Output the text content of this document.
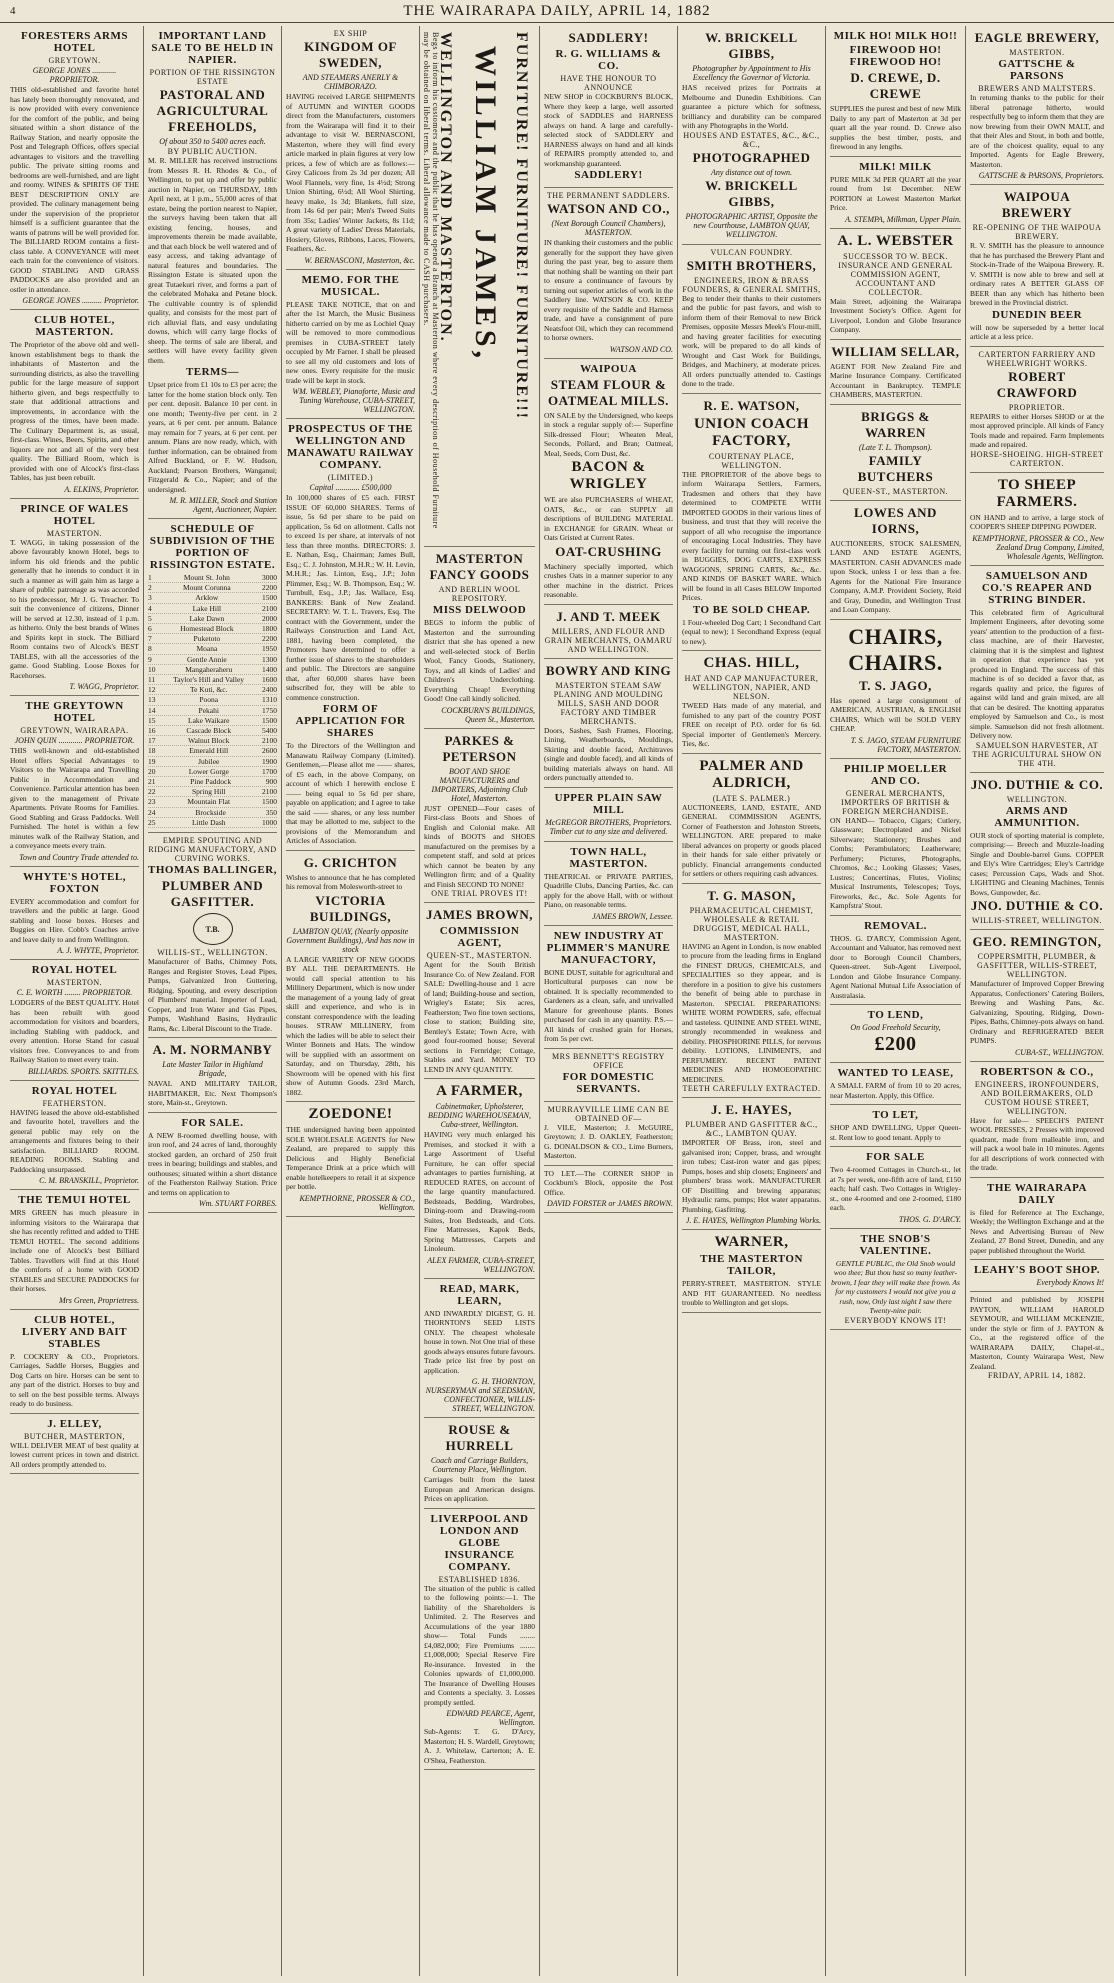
4	THE WAIRARAPA DAILY, APRIL 14, 1882
FORESTERS ARMS HOTEL
GREYTOWN.
GEORGE JONES ............ PROPRIETOR.

THIS old-established and favorite hotel has lately been thoroughly renovated, and is now provided with every convenience for the comfort of the public, and being situated within a short distance of the Railway Station, and nearly opposite the Post and Telegraph Offices, offers special advantages to visitors and the travelling public. The private sitting rooms and bedrooms are well-furnished, and are light and roomy. WINES & SPIRITS OF THE BEST DESCRIPTION ONLY are provided. The culinary management being under the supervision of the proprietor himself is a sufficient guarantee that the wants of patrons will be well provided for. The BILLIARD ROOM contains a first-class table. A CONVEYANCE will meet each train for the convenience of visitors. GOOD STABLING AND GRASS PADDOCKS are also provided and an ostler in attendance.

GEORGE JONES .......... Proprietor.
CLUB HOTEL, MASTERTON.

The Proprietor of the above old and well-known establishment begs to thank the inhabitants of Masterton and the surrounding districts, as also the travelling public for the large measure of support hitherto given, and begs respectfully to state that additional attractions and improvements, in accordance with the progress of the times, have been made. The Culinary Department is, as usual, first-class. Wines, Beers, Spirits, and other liquors are not and all of the very best quality. The Billiard Room, which is provided with one of Alcock's first-class Tables, has just been rebuilt.

A. ELKINS, Proprietor.
PRINCE OF WALES HOTEL
MASTERTON.

T. WAGG, in taking possession of the above favourably known Hotel, begs to inform his old friends and the public generally that he intends to conduct it in such a manner as will gain him as large a share of public patronage as was accorded to his predecessor, Mr J. G. Treacher. To suit the convenience of citizens, Dinner will be served at 12.30, instead of 1 p.m. as hitherto. Only the best brands of Wines and Spirits kept in stock. The Billiard Room contains two of Alcock's BEST TABLES, with all the accessories of the game. Good Stabling. Loose Boxes for Racehorses.

T. WAGG, Proprietor.
THE GREYTOWN HOTEL
GREYTOWN, WAIRARAPA.
JOHN QUIN ............ PROPRIETOR.

THIS well-known and old-established Hotel offers Special Advantages to Visitors to the Wairarapa and Travelling Public in Accommodation and Convenience. Particular attention has been given to the management of Private Apartments. Private Rooms for Families. Good Stabling and Grass Paddocks. Well Furnished. The hotel is within a few minutes walk of the Railway Station, and a conveyance meets every train.

Town and Country Trade attended to.
WHYTE'S HOTEL, FOXTON

EVERY accommodation and comfort for travellers and the public at large. Good stabling and loose boxes. Horses and Buggies on Hire. Cobb's Coaches arrive and leave daily to and from Wellington.

A. J. WHYTE, Proprietor.
ROYAL HOTEL
MASTERTON.
C. E. WORTH ........ PROPRIETOR.

LODGERS of the BEST QUALITY. Hotel has been rebuilt with good accommodation for visitors and boarders, including Stabling with paddock, and every attention. Horse Stand for casual visitors free. Conveyances to and from Railway Station to meet every train.

BILLIARDS. SPORTS. SKITTLES.
ROYAL HOTEL
FEATHERSTON.

HAVING leased the above old-established and favourite hotel, travellers and the general public may rely on the arrangements and fixtures being to their satisfaction. BILLIARD ROOM. READING ROOMS. Stabling and Paddocking unsurpassed.

C. M. BRANSKILL, Proprietor.
THE TEMUI HOTEL

MRS GREEN has much pleasure in informing visitors to the Wairarapa that she has recently refitted and added to THE TEMUI HOTEL. The second additions include one of Alcock's best Billiard Tables. Travellers will find at this Hotel the comforts of a home with GOOD STABLES and SECURE PADDOCKS for their horses.

Mrs Green, Proprietress.
CLUB HOTEL, LIVERY AND BAIT STABLES

P. COCKERY & CO., Proprietors. Carriages, Saddle Horses, Buggies and Dog Carts on hire. Horses can be sent to any part of the district. Horses to buy and to sell on the best possible terms. Always ready to do business.

J. ELLEY,
BUTCHER, MASTERTON,

WILL DELIVER MEAT of best quality at lowest current prices in town and district. All orders promptly attended to.

IMPORTANT LAND SALE TO BE HELD IN NAPIER.
PORTION OF THE RISSINGTON ESTATE
PASTORAL AND AGRICULTURAL FREEHOLDS,
Of about 350 to 5400 acres each.
BY PUBLIC AUCTION.

M. R. MILLER has received instructions from Messrs R. H. Rhodes & Co., of Wellington, to put up and offer by public auction in Napier, on THURSDAY, 18th April next, at 1 p.m., 55,000 acres of that estate, being the portion nearest to Napier, the surveys having been taken that all existing fencing, houses, and improvements therein be made available, and that each block be well watered and of easy access, and taking advantage of natural features and boundaries. The Rissington Estate is situated upon the great Tutaekuri river, and forms a part of the celebrated Mohaka and Petane block. The cultivable country is of splendid quality, and consists for the most part of rich alluvial flats, and easy undulating downs, which will carry large flocks of sheep. The terms of sale are liberal, and settlers will have every facility given them.

TERMS—

Upset price from £1 10s to £3 per acre; the latter for the home station block only. Ten per cent. deposit. Balance 10 per cent. in one month; Twenty-five per cent. in 2 years, at 6 per cent. per annum. Balance may remain for 7 years, at 6 per cent. per annum. Plans are now ready, which, with further information, can be obtained from Alfred Buckland, or F. W. Hudson, Auckland; Pearson Brothers, Wanganui; Fitzgerald & Co., Napier; and of the undersigned.

M. R. MILLER, Stock and Station Agent, Auctioneer, Napier.
SCHEDULE OF SUBDIVISION OF THE PORTION OF RISSINGTON ESTATE.
1	Mount St. John	3000
2	Mount Corunna	2200
3	Arklow	1500
4	Lake Hill	2100
5	Lake Dawn	2000
6	Homestead Block	1800
7	Puketoto	2200
8	Moana	1950
9	Gentle Annie	1300
10	Mangaheraheru	1400
11 Taylor's Hill and Valley 1600
12	Te Kuti, &c.	2400
13	Poona	1310
14	Pekahi	1750
15	Lake Waikare	1500
16	Cascade Block	5400
17	Walnut Block	2100
18	Emerald Hill	2600
19	Jubilee	1900
20	Lower Gorge	1700
21	Pine Paddock	900
22	Spring Hill	2100
23	Mountain Flat	1500
24	Brockside	350
25	Little Dash	1000
EMPIRE SPOUTING AND RIDGING MANUFACTORY, AND CURVING WORKS.
THOMAS BALLINGER,
PLUMBER AND GASFITTER.
T.B.
WILLIS-ST., WELLINGTON.

Manufacturer of Baths, Chimney Pots, Ranges and Register Stoves, Lead Pipes, Pumps, Galvanized Iron Guttering, Ridging, Spouting, and every description of Plumbers' material. Importer of Lead, Copper, and Iron Water and Gas Pipes, Pumps, Washhand Basins, Hydraulic Rams, &c. Liberal Discount to the Trade.

A. M. NORMANBY
Late Master Tailor in Highland Brigade,

NAVAL AND MILITARY TAILOR, HABITMAKER, Etc. Next Thompson's store, Main-st., Greytown.

FOR SALE.

A NEW 8-roomed dwelling house, with iron roof, and 24 acres of land, thoroughly stocked garden, an orchard of 250 fruit trees in bearing; buildings and stables, and outhouses; situated within a short distance of the Featherston Railway Station. Price and terms on application to

Wm. STUART FORBES.
EX SHIP
KINGDOM OF SWEDEN,
AND STEAMERS ANERLY & CHIMBORAZO.

HAVING received LARGE SHIPMENTS of AUTUMN and WINTER GOODS direct from the Manufacturers, customers from the Wairarapa will find it to their advantage to visit W. BERNASCONI, Masterton, where they will find every article marked in plain figures at very low prices, a few of which are as follows:— Grey Calicoes from 2s 3d per dozen; All Wool Flannels, very fine, 1s 4½d; Strong Union Shirting, 6½d; All Wool Shirting, heavy make, 1s 3d; Blankets, full size, from 14s 6d per pair; Men's Tweed Suits from 35s; Ladies' Winter Jackets, 8s 11d; A great variety of Ladies' Dress Materials, Hosiery, Gloves, Ribbons, Laces, Flowers, Feathers, &c.

W. BERNASCONI, Masterton, &c.
MEMO. FOR THE MUSICAL.

PLEASE TAKE NOTICE, that on and after the 1st March, the Music Business hitherto carried on by me as Lochiel Quay will be removed to more commodious premises in CUBA-STREET lately occupied by Mr Farner. I shall be pleased to see all my old customers and lots of new ones. Every requisite for the music trade will be kept in stock.

WM. WEBLEY, Pianoforte, Music and Tuning Warehouse, CUBA-STREET, WELLINGTON.
PROSPECTUS OF THE WELLINGTON AND MANAWATU RAILWAY COMPANY.
(LIMITED.)
Capital ............ £500,000

In 100,000 shares of £5 each. FIRST ISSUE OF 60,000 SHARES. Terms of issue, 5s 6d per share to be paid on application, 5s 6d on allotment. Calls not to exceed 1s per share, at intervals of not less than three months. DIRECTORS: J. E. Nathan, Esq., Chairman; James Bull, Esq.; C. J. Johnston, M.H.R.; W. H. Levin, M.H.R.; Jas. Linton, Esq., J.P.; John Plimmer, Esq.; W. B. Thompson, Esq.; W. Turnbull, Esq., J.P.; Jas. Wallace, Esq. BANKERS: Bank of New Zealand. SECRETARY: W. T. L. Travers, Esq. The contract with the Government, under the Railways Construction and Land Act, 1881, having been completed, the Promoters have determined to offer a further issue of shares to the shareholders and public. The Directors are sanguine that, after 60,000 shares have been subscribed for, they will be able to commence construction.

FORM OF APPLICATION FOR SHARES

To the Directors of the Wellington and Manawatu Railway Company (Limited). Gentlemen,—Please allot me —— shares, of £5 each, in the above Company, on account of which I herewith enclose £—— being equal to 5s 6d per share, payable on application; and I agree to take the said —— shares, or any less number that may be allotted to me, subject to the provisions of the Memorandum and Articles of Association.

G. CRICHTON

Wishes to announce that he has completed his removal from Molesworth-street to

VICTORIA BUILDINGS,
LAMBTON QUAY, (Nearly opposite Government Buildings), And has now in stock

A LARGE VARIETY OF NEW GOODS BY ALL THE DEPARTMENTS. He would call special attention to his Millinery Department, which is now under the management of a young lady of great skill and experience, and who is in constant correspondence with the leading houses. STRAW MILLINERY, from which the ladies will be able to select their Winter Bonnets and Hats. The window will be supplied with an assortment on Saturday, and on Thursday, 28th, his Showroom will be opened with his first show of Autumn Goods. 23rd March, 1882.

ZOEDONE!

THE undersigned having been appointed SOLE WHOLESALE AGENTS for New Zealand, are prepared to supply this Delicious and Highly Beneficial Temperance Drink at a price which will enable hotelkeepers to retail it at sixpence per bottle.

KEMPTHORNE, PROSSER & CO., Wellington.
WELLINGTON AND MASTERTON. WILLIAM JAMES, FURNITURE! FURNITURE! FURNITURE!!!
Begs to inform his customers and the public that he has opened a Branch at Masterton where every description of Household Furniture may be obtained on liberal terms. Liberal allowance made to CASH purchasers.
MASTERTON FANCY GOODS
AND BERLIN WOOL REPOSITORY.
MISS DELWOOD

BEGS to inform the public of Masterton and the surrounding district that she has opened a new and well-selected stock of Berlin Wool, Fancy Goods, Stationery, Toys, and all kinds of Ladies' and Children's Underclothing. Everything Cheap! Everything Good! One call kindly solicited.

COCKBURN'S BUILDINGS, Queen St., Masterton.
PARKES & PETERSON
BOOT AND SHOE MANUFACTURERS and IMPORTERS, Adjoining Club Hotel, Masterton.

JUST OPENED—Four cases of First-class Boots and Shoes of English and Colonial make. All kinds of BOOTS and SHOES manufactured on the premises by a competent staff, and sold at prices which cannot be beaten by any Wellington firm; and of a Quality and Finish SECOND TO NONE!

ONE TRIAL PROVES IT!
JAMES BROWN,
COMMISSION AGENT,
QUEEN-ST., MASTERTON.

Agent for the South British Insurance Co. of New Zealand. FOR SALE: Dwelling-house and 1 acre of land; Building-house and section, Wrigley's Estate; Six acres, Featherston; Two fine town sections, close to station; Building site, Bentley's Estate; Town Acre, with good four-roomed house; Several sections in Fernridge; Cottage, Stables and Yard. MONEY TO LEND IN ANY QUANTITY.

A FARMER,
Cabinetmaker, Upholsterer, BEDDING WAREHOUSEMAN, Cuba-street, Wellington.

HAVING very much enlarged his Premises, and stocked it with a Large Assortment of Useful Furniture, he can offer special advantages to parties furnishing, at REDUCED RATES, on account of the large quantity manufactured. Bedsteads, Bedding, Wardrobes, Dining-room and Drawing-room Suites, Iron Bedsteads, and Cots. Fine Mattresses, Kapok Beds, Spring Mattresses, Carpets and Linoleum.

ALEX FARMER, CUBA-STREET, WELLINGTON.
READ, MARK, LEARN,

AND INWARDLY DIGEST, G. H. THORNTON'S SEED LISTS ONLY. The cheapest wholesale house in town. Not One trial of these goods always ensures future favours. Trade price list free by post on application.

G. H. THORNTON, NURSERYMAN and SEEDSMAN, CONFECTIONER, WILLIS-STREET, WELLINGTON.
ROUSE & HURRELL
Coach and Carriage Builders, Courtenay Place, Wellington.

Carriages built from the latest European and American designs. Prices on application.

LIVERPOOL AND LONDON AND GLOBE INSURANCE COMPANY.
ESTABLISHED 1836.

The situation of the public is called to the following points:—1. The liability of the Shareholders is Unlimited. 2. The Reserves and Accumulations of the year 1880 show— Total Funds ........ £4,082,000; Fire Premiums ........ £1,008,000; Special Reserve Fire Re-insurance. Invested in the Colonies upwards of £1,000,000. The Insurance of Dwelling Houses and Contents a specialty. 3. Losses promptly settled.

EDWARD PEARCE, Agent, Wellington.

Sub-Agents: T. G. D'Arcy, Masterton; H. S. Wardell, Greytown; A. J. Whitelaw, Carterton; A. E. O'Shea, Featherston.

SADDLERY!
R. G. WILLIAMS & CO.
HAVE THE HONOUR TO ANNOUNCE

NEW SHOP in COCKBURN'S BLOCK, Where they keep a large, well assorted stock of SADDLES and HARNESS always on hand. A large and carefully-selected stock of SADDLERY and HARNESS always on hand and all kinds of REPAIRS promptly attended to, and workmanship guaranteed.

SADDLERY!
THE PERMANENT SADDLERS.
WATSON AND CO.,
(Next Borough Council Chambers), MASTERTON.

IN thanking their customers and the public generally for the support they have given during the past year, beg to assure them that nothing shall be wanting on their part to ensure a continuance of favours by turning out superior articles of work in the Saddlery line. WATSON & CO. KEEP every requisite of the Saddle and Harness trade, and have a consignment of pure Neatsfoot Oil, which they can recommend to horse owners.

WATSON AND CO.
WAIPOUA
STEAM FLOUR & OATMEAL MILLS.

ON SALE by the Undersigned, who keeps in stock a regular supply of:— Superfine Silk-dressed Flour; Wheaten Meal, Seconds, Pollard, and Bran; Oatmeal, Meal, Seeds, Corn Dust, &c.

BACON & WRIGLEY

WE are also PURCHASERS of WHEAT, OATS, &c., or can SUPPLY all descriptions of BUILDING MATERIAL in EXCHANGE for GRAIN. Wheat or Oats Gristed at Current Rates.

OAT-CRUSHING

Machinery specially imported, which crushes Oats in a manner superior to any other machine in the district. Prices reasonable.

J. AND T. MEEK
MILLERS, AND FLOUR AND GRAIN MERCHANTS, OAMARU AND WELLINGTON.
BOWRY AND KING
MASTERTON STEAM SAW PLANING AND MOULDING MILLS, SASH AND DOOR FACTORY AND TIMBER MERCHANTS.

Doors, Sashes, Sash Frames, Flooring, Lining, Weatherboards, Mouldings, Skirting and double faced, Architraves (single and double faced), and all kinds of building materials always on hand. All orders punctually attended to.

UPPER PLAIN SAW MILL
McGREGOR BROTHERS, Proprietors. Timber cut to any size and delivered.
TOWN HALL, MASTERTON.

THEATRICAL or PRIVATE PARTIES, Quadrille Clubs, Dancing Parties, &c. can apply for the above Hall, with or without Piano, on reasonable terms.

JAMES BROWN, Lessee.
NEW INDUSTRY AT PLIMMER'S MANURE MANUFACTORY,

BONE DUST, suitable for agricultural and Horticultural purposes can now be obtained. It is specially recommended to Gardeners as a clean, safe, and unrivalled Manure for greenhouse plants. Bones purchased for cash in any quantity. P.S.—All kinds of crushed grain for Horses, from 5s per cwt.

MRS BENNETT'S REGISTRY OFFICE
FOR DOMESTIC SERVANTS.
MURRAYVILLE LIME CAN BE OBTAINED OF—

J. VILE, Masterton; J. McGUIRE, Greytown; J. D. OAKLEY, Featherston; G. DONALDSON & CO., Lime Burners, Masterton.

TO LET.—The CORNER SHOP in Cockburn's Block, opposite the Post Office.

DAVID FORSTER or JAMES BROWN.
W. BRICKELL GIBBS,
Photographer by Appointment to His Excellency the Governor of Victoria.

HAS received prizes for Portraits at Melbourne and Dunedin Exhibitions. Can guarantee a picture which for softness, brilliancy and durability can be compared with any Photographs in the World.

HOUSES AND ESTATES, &C., &C., &C.,
PHOTOGRAPHED
Any distance out of town.
W. BRICKELL GIBBS,
PHOTOGRAPHIC ARTIST, Opposite the new Courthouse, LAMBTON QUAY, WELLINGTON.
VULCAN FOUNDRY.
SMITH BROTHERS,
ENGINEERS, IRON & BRASS FOUNDERS, & GENERAL SMITHS,

Beg to tender their thanks to their customers and the public for past favors, and wish to inform them of their Removal to new Brick Premises, opposite Messrs Meek's Flour-mill, and having greater facilities for executing work, will be prepared to do all kinds of Wrought and Cast Work for Buildings, Bridges, and Machinery, at moderate prices. All orders punctually attended to. Castings done to the trade.

R. E. WATSON,
UNION COACH FACTORY,
COURTENAY PLACE, WELLINGTON.

THE PROPRIETOR of the above begs to inform Wairarapa Settlers, Farmers, Tradesmen and others that they have determined to COMPETE WITH IMPORTED GOODS in their various lines of business, and trust that they will receive the support of all who recognise the importance of encouraging Local Industries. They have every facility for turning out first-class work in BUGGIES, DOG CARTS, EXPRESS WAGGONS, SPRING CARTS, &c., &c. AND KINDS OF BASKET WARE. Which will be found in all Cases BELOW Imported Prices.

TO BE SOLD CHEAP.

1 Four-wheeled Dog Cart; 1 Secondhand Cart (equal to new); 1 Secondhand Express (equal to new).

CHAS. HILL,
HAT AND CAP MANUFACTURER, WELLINGTON, NAPIER, AND NELSON.

TWEED Hats made of any material, and furnished to any part of the country POST FREE on receipt of P.O. order for 6s 6d. Special importer of Gentlemen's Mercery. Ties, &c.

PALMER AND ALDRICH,
(LATE S. PALMER.)

AUCTIONEERS, LAND, ESTATE, AND GENERAL COMMISSION AGENTS, Corner of Featherston and Johnston Streets, WELLINGTON. ARE prepared to make liberal advances on property or goods placed in their hands for sale either privately or publicly. Financial arrangements conducted for settlers or others requiring cash advances.

T. G. MASON,
PHARMACEUTICAL CHEMIST, WHOLESALE & RETAIL DRUGGIST, MEDICAL HALL, MASTERTON.

HAVING an Agent in London, is now enabled to procure from the leading firms in England the FINEST DRUGS, CHEMICALS, and SPECIALITIES so they appear, and is therefore in a position to give his customers the benefit of being able to purchase in Masterton. SPECIAL PREPARATIONS: WHITE WORM POWDERS, safe, effectual and tasteless. QUININE AND STEEL WINE, strongly recommended in weakness and debility. PHOSPHORINE PILLS, for nervous debility. LOTIONS, LINIMENTS, and PERFUMERY. RECENT PATENT MEDICINES AND HOMOEOPATHIC MEDICINES.

TEETH CAREFULLY EXTRACTED.
J. E. HAYES,
PLUMBER AND GASFITTER &C., &C., LAMBTON QUAY.

IMPORTER OF Brass, iron, steel and galvanised iron; Copper, brass, and wrought iron tubes; Cast-iron water and gas pipes; Pumps, hoses and ship closets; Engineers' and plumbers' brass work. MANUFACTURER OF Distilling and brewing apparatus; Hydraulic rams, pumps; Hot water apparatus. Plumbing, Gasfitting.

J. E. HAYES, Wellington Plumbing Works.
WARNER,
THE MASTERTON TAILOR,

PERRY-STREET, MASTERTON. STYLE AND FIT GUARANTEED. No needless trouble to Wellington and get slops.

MILK HO! MILK HO!!
FIREWOOD HO! FIREWOOD HO!
D. CREWE, D. CREWE

SUPPLIES the purest and best of new Milk Daily to any part of Masterton at 3d per quart all the year round. D. Crewe also supplies the best timber, posts, and firewood in any lengths.

MILK! MILK

PURE MILK 3d PER QUART all the year round from 1st December. NEW PORTION at Lowest Masterton Market Price.

A. STEMPA, Milkman, Upper Plain.
A. L. WEBSTER
SUCCESSOR TO W. BECK. INSURANCE AND GENERAL COMMISSION AGENT, ACCOUNTANT AND COLLECTOR.

Main Street, adjoining the Wairarapa Investment Society's Office. Agent for Liverpool, London and Globe Insurance Company.

WILLIAM SELLAR,

AGENT FOR New Zealand Fire and Marine Insurance Company. Certificated Accountant in Bankruptcy. TEMPLE CHAMBERS, MASTERTON.

BRIGGS & WARREN
(Late T. L. Thompson).
FAMILY BUTCHERS
QUEEN-ST., MASTERTON.
LOWES AND IORNS,

AUCTIONEERS, STOCK SALESMEN, LAND AND ESTATE AGENTS, MASTERTON. CASH ADVANCES made upon Stock, unless I or less than a fee. Agents for the National Fire Insurance Company, A.M.P. Provident Society, Reid and Gray, Dunedin, and Wellington Trust and Loan Company.

CHAIRS, CHAIRS.
T. S. JAGO,

Has opened a large consignment of AMERICAN, AUSTRIAN, & ENGLISH CHAIRS, Which will be SOLD VERY CHEAP.

T. S. JAGO, STEAM FURNITURE FACTORY, MASTERTON.
PHILIP MOELLER AND CO.
GENERAL MERCHANTS, IMPORTERS OF BRITISH & FOREIGN MERCHANDISE.

ON HAND— Tobacco, Cigars; Cutlery, Glassware; Electroplated and Nickel Silverware; Stationery; Brushes and Combs; Perambulators; Leatherware; Perfumery; Pictures, Photographs, Chromos, &c.; Looking Glasses; Vases, Lustres; Concertinas, Flutes, Violins; Musical Instruments, Telescopes; Toys, Fireworks, &c., &c. Sole Agents for Kampfstra' Stout.

REMOVAL.

THOS. G. D'ARCY, Commission Agent, Accountant and Valuator, has removed next door to Borough Council Chambers, Queen-street. Sub-Agent Liverpool, London and Globe Insurance Company. Agent National Mutual Life Association of Australasia.

TO LEND,
On Good Freehold Security,
£200
WANTED TO LEASE,

A SMALL FARM of from 10 to 20 acres, near Masterton. Apply, this Office.

TO LET,

SHOP AND DWELLING, Upper Queen-st. Rent low to good tenant. Apply to

FOR SALE

Two 4-roomed Cottages in Church-st., let at 7s per week, one-fifth acre of land, £150 each; half cash. Two Cottages in Wrigley-st., one 4-roomed and one 2-roomed, £180 each.

THOS. G. D'ARCY.
THE SNOB'S VALENTINE.

GENTLE PUBLIC, the Old Snob would woo thee; But thou hast so many leather-brown, I fear they will make thee frown. As for my customers I would not give you a rush, now, Only last night I saw there Twenty-nine pair.

EVERYBODY KNOWS IT!
EAGLE BREWERY,
MASTERTON.
GATTSCHE & PARSONS
BREWERS AND MALTSTERS.

In returning thanks to the public for their liberal patronage hitherto, would respectfully beg to inform them that they are now brewing from their OWN MALT, and that their Ales and Stout, in both and bottle, are of the choicest quality, equal to any Imported. Agents for Eagle Brewery, Masterton.

GATTSCHE & PARSONS, Proprietors.
WAIPOUA BREWERY
RE-OPENING OF THE WAIPOUA BREWERY.

R. V. SMITH has the pleasure to announce that he has purchased the Brewery Plant and Stock-in-Trade of the Waipoua Brewery. R. V. SMITH is now able to brew and sell at ordinary rates A BETTER GLASS OF BEER than any which has hitherto been brewed in the Provincial district.

DUNEDIN BEER

will now be superseded by a better local article at a less price.

CARTERTON FARRIERY AND WHEELWRIGHT WORKS.
ROBERT CRAWFORD
PROPRIETOR.

REPAIRS to either Horses SHOD or at the most approved principle. All kinds of Fancy Tools made and repaired. Farm Implements made and repaired.

HORSE-SHOEING. HIGH-STREET CARTERTON.
TO SHEEP FARMERS.

ON HAND and to arrive, a large stock of COOPER'S SHEEP DIPPING POWDER.

KEMPTHORNE, PROSSER & CO., New Zealand Drug Company, Limited, Wholesale Agents, Wellington.
SAMUELSON AND CO.'S REAPER AND STRING BINDER.

This celebrated firm of Agricultural Implement Engineers, after devoting some years' attention to the production of a first-class machine, are of their Harvester, claiming that it is the simplest and lightest in operation that experience has yet produced in England. The success of this machine is of so decided a favor that, as regards quality and price, the figures of against wild land and grain mixed, are all that can be desired. The knotting apparatus employed by Samuelson and Co., is most simple. Samuelson did not fresh allotment. Delivery now.

SAMUELSON HARVESTER, AT THE AGRICULTURAL SHOW ON THE 4TH.
JNO. DUTHIE & CO.
WELLINGTON.
ARMS AND AMMUNITION.

OUR stock of sporting material is complete, comprising:— Breech and Muzzle-loading Single and Double-barrel Guns. COPPER and Ely's Wire Cartridges; Eley's Cartridge cases; Percussion Caps, Wads and Shot. LIGHTING and Cleaning Machines, Tennis Bows, Gunpowder, &c.

JNO. DUTHIE & CO.
WILLIS-STREET, WELLINGTON.
GEO. REMINGTON,
COPPERSMITH, PLUMBER, & GASFITTER, WILLIS-STREET, WELLINGTON.

Manufacturer of Improved Copper Brewing Apparatus, Confectioners' Catering Boilers, Brewing and Washing Pans, &c. Galvanizing, Spouting, Ridging, Down-Pipes, Baths, Chimney-pots always on hand. Ordinary and REFRIGERATED BEER PUMPS.

CUBA-ST., WELLINGTON.
ROBERTSON & CO.,
ENGINEERS, IRONFOUNDERS, AND BOILERMAKERS, OLD CUSTOM HOUSE STREET, WELLINGTON.

Have for sale— SPEECH'S PATENT WOOL PRESSES, 2 Presses with improved quadrant, made from malleable iron, and will pack a wool bale in 10 minutes. Agents for all descriptions of work connected with the trade.

THE WAIRARAPA DAILY

is filed for Reference at The Exchange, Weekly; the Wellington Exchange and at the News and Advertising Bureau of New Zealand, 27 Bond Street, Dunedin, and any paper published throughout the World.

LEAHY'S BOOT SHOP.
Everybody Knows It!

Printed and published by JOSEPH PAYTON, WILLIAM HAROLD SEYMOUR, and WILLIAM MCKENZIE, under the style or firm of J. PAYTON & Co., at the registered office of the WAIRARAPA DAILY, Chapel-st., Masterton, County Wairarapa West, New Zealand.

FRIDAY, APRIL 14, 1882.
